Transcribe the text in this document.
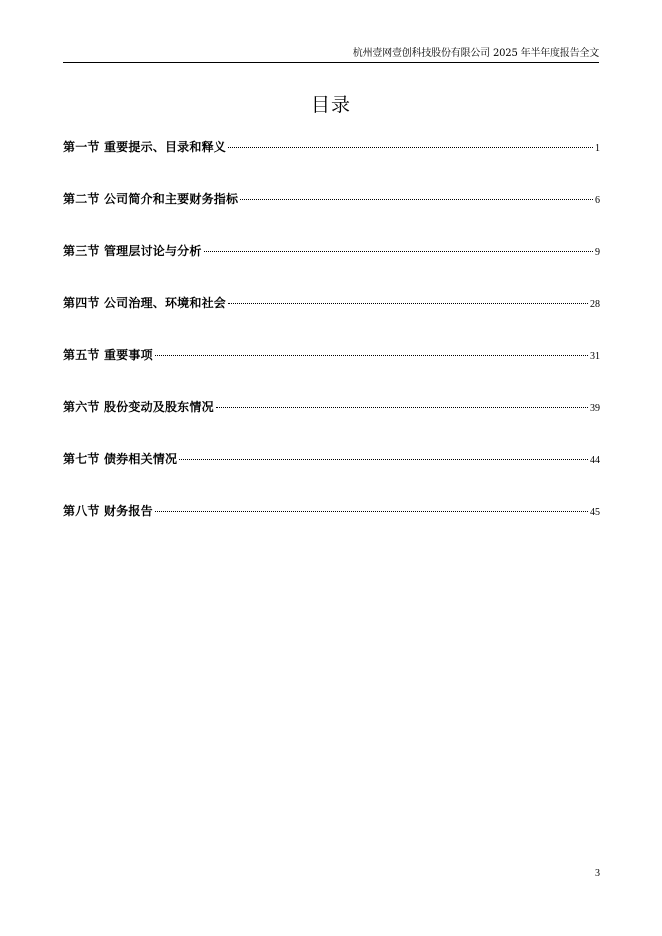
杭州壹网壹创科技股份有限公司 2025 年半年度报告全文
目录
第一节 重要提示、目录和释义	1
第二节 公司简介和主要财务指标	6
第三节 管理层讨论与分析	9
第四节 公司治理、环境和社会	28
第五节 重要事项	31
第六节 股份变动及股东情况	39
第七节 债券相关情况	44
第八节 财务报告	45
3
